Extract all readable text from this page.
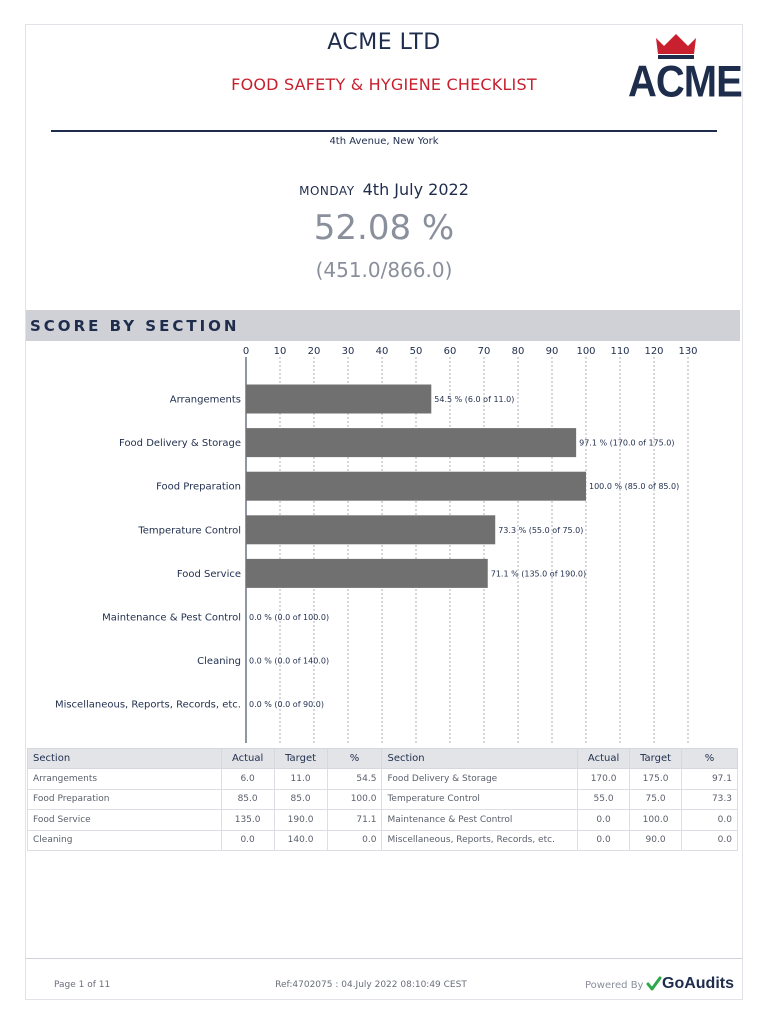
ACME LTD
FOOD SAFETY & HYGIENE CHECKLIST	ACME
4th Avenue, New York
MONDAY 4th July 2022
52.08 %
(451.0/866.0)
SCORE BY SECTION
0 10 20 30 40 50 60 70 80 90 100 110 120 130
Arrangements	54.5 % (6.0 of 11.0)
Food Delivery & Storage	97.1 % (170.0 of 175.0)
Food Preparation	100.0 % (85.0 of 85.0)
Temperature Control	73.3 % (55.0 of 75.0)
Food Service	71.1 % (135.0 of 190.0)
Maintenance & Pest Control 0.0 % (0.0 of 100.0)
Cleaning 0.0 % (0.0 of 140.0)
Miscellaneous, Reports, Records, etc. 0.0 % (0.0 of 90.0)
Section	Actual	Target	%	Section	Actual	Target	%
Arrangements	6.0	11.0	54.5	Food Delivery & Storage	170.0	175.0	97.1
Food Preparation	85.0	85.0	100.0	Temperature Control	55.0	75.0	73.3
Food Service	135.0	190.0	71.1	Maintenance & Pest Control	0.0	100.0	0.0
Cleaning	0.0	140.0	0.0	Miscellaneous, Reports, Records, etc.	0.0	90.0	0.0
Page 1 of 11	Ref:4702075 : 04.July 2022 08:10:49 CEST	Powered By	GoAudits
